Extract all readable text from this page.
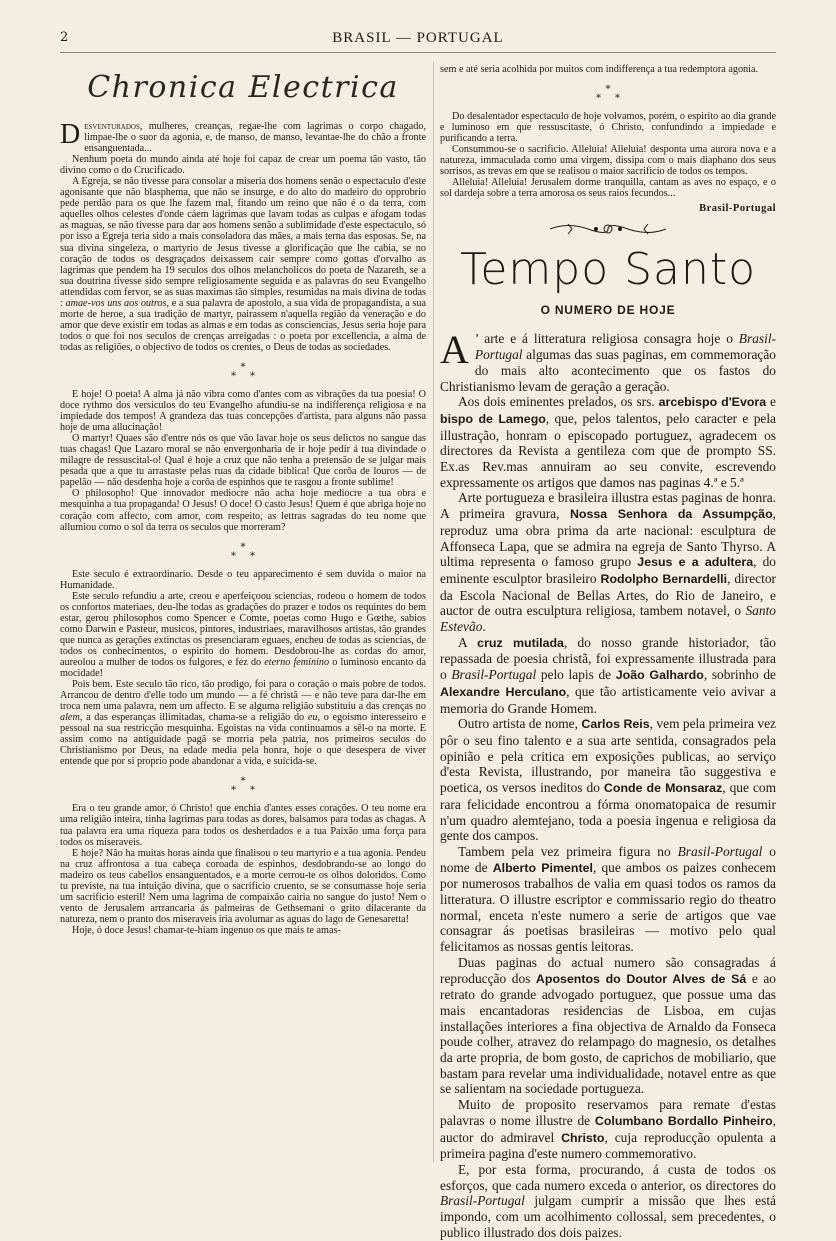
2	BRASIL — PORTUGAL
Chronica Electrica

Desventurados, mulheres, creanças, regae-lhe com lagrimas o corpo chagado, limpae-lhe o suor da agonia, e, de manso, de manso, levantae-lhe do chão a fronte ensanguentada...

Nenhum poeta do mundo ainda até hoje foi capaz de crear um poema tão vasto, tão divino como o do Crucificado.

A Egreja, se não tivesse para consolar a miseria dos homens senão o espectaculo d'este agonisante que não blasphema, que não se insurge, e do alto do madeiro do opprobrio pede perdão para os que lhe fazem mal, fitando um reino que não é o da terra, com aquelles olhos celestes d'onde cáem lagrimas que lavam todas as culpas e afogam todas as maguas, se não tivesse para dar aos homens senão a sublimidade d'este espectaculo, só por isso a Egreja teria sido a mais consoladora das mães, a mais terna das esposas. Se, na sua divina singeleza, o martyrio de Jesus tivesse a glorificação que lhe cabia, se no coração de todos os desgraçados deixassem cair sempre como gottas d'orvalho as lagrimas que pendem ha 19 seculos dos olhos melancholicos do poeta de Nazareth, se a sua doutrina tivesse sido sempre religiosamente seguida e as palavras do seu Evangelho attendidas com fervor, se as suas maximas tão simples, resumidas na mais divina de todas : amae-vos uns aos outros, e a sua palavra de apostolo, a sua vida de propagandista, a sua morte de heroe, a sua tradição de martyr, pairassem n'aquella região da veneração e do amor que deve existir em todas as almas e em todas as consciencias, Jesus seria hoje para todos o que foi nos seculos de crenças arreigadas : o poeta por excellencia, a alma de todas as religiões, o objectivo de todos os crentes, o Deus de todas as sociedades.

*
**

E hoje! O poeta! A alma já não vibra como d'antes com as vibrações da tua poesia! O doce rythmo dos versiculos do teu Evangelho afundiu-se na indifferença religiosa e na impiedade dos tempos! A grandeza das tuas concepções d'artista, para alguns não passa hoje de uma allucinação!

O martyr! Quaes são d'entre nós os que vão lavar hoje os seus delictos no sangue das tuas chagas! Que Lazaro moral se não envergonharia de ir hoje pedir á tua divindade o milagre de ressuscital-o! Qual é hoje a cruz que não tenha a pretensão de se julgar mais pesada que a que tu arrastaste pelas ruas da cidade biblica! Que corôa de louros — de papelão — não desdenha hoje a corôa de espinhos que te rasgou a fronte sublime!

O philosopho! Que innovador mediocre não acha hoje mediocre a tua obra e mesquinha a tua propaganda! O Jesus! O doce! O casto Jesus! Quem é que abriga hoje no coração com affecto, com amor, com respeito, as lettras sagradas do teu nome que allumiou como o sol da terra os seculos que morreram?

*
**

Este seculo é extraordinario. Desde o teu apparecimento é sem duvida o maior na Humanidade.

Este seculo refundiu a arte, creou e aperfeiçoou sciencias, rodeou o homem de todos os confortos materiaes, deu-lhe todas as gradações do prazer e todos os requintes do bem estar, gerou philosophos como Spencer e Comte, poetas como Hugo e Gœthe, sabios como Darwin e Pasteur, musicos, pintores, industriaes, maravilhosos artistas, tão grandes que nunca as gerações extinctas os presenciaram eguaes, encheu de todas as sciencias, de todos os conhecimentos, o espirito do homem. Desdobrou-lhe as cordas do amor, aureolou a mulher de todos os fulgores, e fez do eterno feminino o luminoso encanto da mocidade!

Pois bem. Este seculo tão rico, tão prodigo, foi para o coração o mais pobre de todos. Arrancou de dentro d'elle todo um mundo — a fé christã — e não teve para dar-lhe em troca nem uma palavra, nem um affecto. E se alguma religião substituiu a das crenças no alem, a das esperanças illimitadas, chama-se a religião do eu, o egoismo interesseiro e pessoal na sua restricção mesquinha. Egoistas na vida continuamos a sêl-o na morte. E assim como na antiguidade pagã se morria pela patria, nos primeiros seculos do Christianismo por Deus, na edade media pela honra, hoje o que desespera de viver entende que por si proprio pode abandonar a vida, e suicida-se.

*
**

Era o teu grande amor, ó Christo! que enchia d'antes esses corações. O teu nome era uma religião inteira, tinha lagrimas para todas as dores, balsamos para todas as chagas. A tua palavra era uma riqueza para todos os desherdados e a tua Paixão uma força para todos os miseraveis.

E hoje? Não ha muitas horas ainda que finalisou o teu martyrio e a tua agonia. Pendeu na cruz affrontosa a tua cabeça coroada de espinhos, desdobrando-se ao longo do madeiro os teus cabellos ensanguentados, e a morte cerrou-te os olhos doloridos. Como tu previste, na tua intuição divina, que o sacrificio cruento, se se consumasse hoje seria um sacrificio esteril! Nem uma lagrima de compaixão cairia no sangue do justo! Nem o vento de Jerusalem arrrancaria ás palmeiras de Gethsemani o grito dilacerante da natureza, nem o pranto dos miseraveis iria avolumar as aguas do lago de Genesaretta!

Hoje, ó doce Jesus! chamar-te-hiam ingenuo os que mais te amas-

sem e até seria acolhida por muitos com indifferença a tua redemptora agonia.

*
**

Do desalentador espectaculo de hoje volvamos, porém, o espirito ao dia grande e luminoso em que ressuscitaste, ó Christo, confundindo a impiedade e purificando a terra.

Consummou-se o sacrificio. Alleluia! Alleluia! desponta uma aurora nova e a natureza, immaculada como uma virgem, dissipa com o mais diaphano dos seus sorrisos, as trevas em que se realisou o maior sacrificio de todos os tempos.

Alleluia! Alleluia! Jerusalem dorme tranquilla, cantam as aves no espaço, e o sol dardeja sobre a terra amorosa os seus raios fecundos...

Brasil-Portugal
Tempo Santo
O NUMERO DE HOJE

A ’ arte e á litteratura religiosa consagra hoje o Brasil-Portugal algumas das suas paginas, em commemoração do mais alto acontecimento que os fastos do Christianismo levam de geração a geração.

Aos dois eminentes prelados, os srs. arcebispo d'Evora e bispo de Lamego, que, pelos talentos, pelo caracter e pela illustração, honram o episcopado portuguez, agradecem os directores da Revista a gentileza com que de prompto SS. Ex.as Rev.mas annuiram ao seu convite, escrevendo expressamente os artigos que damos nas paginas 4.ª e 5.ª

Arte portugueza e brasileira illustra estas paginas de honra. A primeira gravura, Nossa Senhora da Assumpção, reproduz uma obra prima da arte nacional: esculptura de Affonseca Lapa, que se admira na egreja de Santo Thyrso. A ultima representa o famoso grupo Jesus e a adultera, do eminente esculptor brasileiro Rodolpho Bernardelli, director da Escola Nacional de Bellas Artes, do Rio de Janeiro, e auctor de outra esculptura religiosa, tambem notavel, o Santo Estevão.

A cruz mutilada, do nosso grande historiador, tão repassada de poesia christã, foi expressamente illustrada para o Brasil-Portugal pelo lapis de João Galhardo, sobrinho de Alexandre Herculano, que tão artisticamente veio avivar a memoria do Grande Homem.

Outro artista de nome, Carlos Reis, vem pela primeira vez pôr o seu fino talento e a sua arte sentida, consagrados pela opinião e pela critica em exposições publicas, ao serviço d'esta Revista, illustrando, por maneira tão suggestiva e poetica, os versos ineditos do Conde de Monsaraz, que com rara felicidade encontrou a fórma onomatopaica de resumir n'um quadro alemtejano, toda a poesia ingenua e religiosa da gente dos campos.

Tambem pela vez primeira figura no Brasil-Portugal o nome de Alberto Pimentel, que ambos os paizes conhecem por numerosos trabalhos de valia em quasi todos os ramos da litteratura. O illustre escriptor e commissario regio do theatro normal, enceta n'este numero a serie de artigos que vae consagrar ás poetisas brasileiras — motivo pelo qual felicitamos as nossas gentis leitoras.

Duas paginas do actual numero são consagradas á reproducção dos Aposentos do Doutor Alves de Sá e ao retrato do grande advogado portuguez, que possue uma das mais encantadoras residencias de Lisboa, em cujas installações interiores a fina objectiva de Arnaldo da Fonseca poude colher, atravez do relampago do magnesio, os detalhes da arte propria, de bom gosto, de caprichos de mobiliario, que bastam para revelar uma individualidade, notavel entre as que se salientam na sociedade portugueza.

Muito de proposito reservamos para remate d'estas palavras o nome illustre de Columbano Bordallo Pinheiro, auctor do admiravel Christo, cuja reproducção opulenta a primeira pagina d'este numero commemorativo.

E, por esta forma, procurando, á custa de todos os esforços, que cada numero exceda o anterior, os directores do Brasil-Portugal julgam cumprir a missão que lhes está impondo, com um acolhimento collossal, sem precedentes, o publico illustrado dos dois paizes.
